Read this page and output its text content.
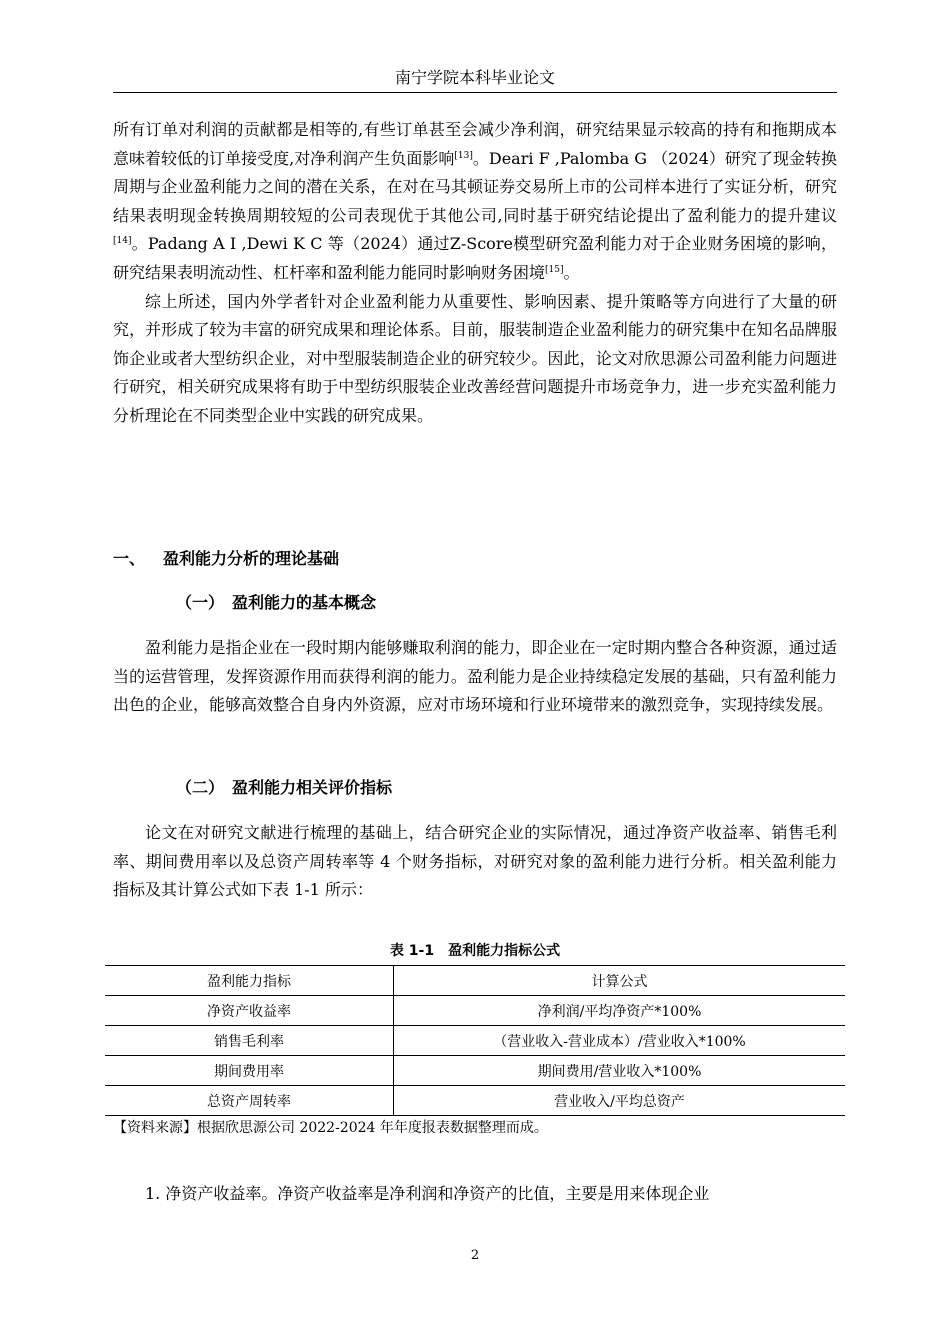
南宁学院本科毕业论文

所有订单对利润的贡献都是相等的,有些订单甚至会减少净利润，研究结果显示较高的持有和拖期成本意味着较低的订单接受度,对净利润产生负面影响[13]。Deari F ,Palomba G （2024）研究了现金转换周期与企业盈利能力之间的潜在关系，在对在马其顿证券交易所上市的公司样本进行了实证分析，研究结果表明现金转换周期较短的公司表现优于其他公司,同时基于研究结论提出了盈利能力的提升建议[14]。Padang A I ,Dewi K C 等（2024）通过Z-Score模型研究盈利能力对于企业财务困境的影响，研究结果表明流动性、杠杆率和盈利能力能同时影响财务困境[15]。

综上所述，国内外学者针对企业盈利能力从重要性、影响因素、提升策略等方向进行了大量的研究，并形成了较为丰富的研究成果和理论体系。目前，服装制造企业盈利能力的研究集中在知名品牌服饰企业或者大型纺织企业，对中型服装制造企业的研究较少。因此，论文对欣思源公司盈利能力问题进行研究，相关研究成果将有助于中型纺织服装企业改善经营问题提升市场竞争力，进一步充实盈利能力分析理论在不同类型企业中实践的研究成果。

一、 盈利能力分析的理论基础
（一） 盈利能力的基本概念
盈利能力是指企业在一段时期内能够赚取利润的能力，即企业在一定时期内整合各种资源，通过适当的运营管理，发挥资源作用而获得利润的能力。盈利能力是企业持续稳定发展的基础，只有盈利能力出色的企业，能够高效整合自身内外资源，应对市场环境和行业环境带来的激烈竞争，实现持续发展。
（二） 盈利能力相关评价指标
论文在对研究文献进行梳理的基础上，结合研究企业的实际情况，通过净资产收益率、销售毛利率、期间费用率以及总资产周转率等 4 个财务指标，对研究对象的盈利能力进行分析。相关盈利能力指标及其计算公式如下表 1-1 所示：
表 1-1　盈利能力指标公式
盈利能力指标	计算公式
净资产收益率	净利润/平均净资产*100%
销售毛利率	（营业收入-营业成本）/营业收入*100%
期间费用率	期间费用/营业收入*100%
总资产周转率	营业收入/平均总资产
【资料来源】根据欣思源公司 2022-2024 年年度报表数据整理而成。
1. 净资产收益率。净资产收益率是净利润和净资产的比值，主要是用来体现企业
2
